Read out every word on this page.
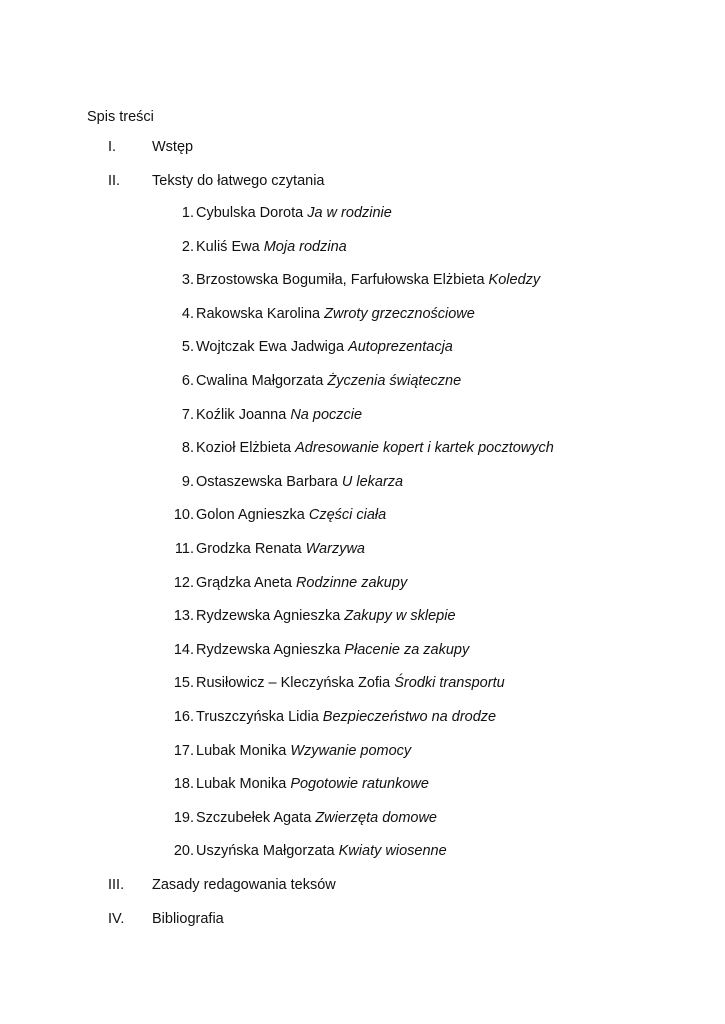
Spis treści
I.	Wstęp
II.	Teksty do łatwego czytania
1. Cybulska Dorota Ja w rodzinie
2. Kuliś Ewa Moja rodzina
3. Brzostowska Bogumiła, Farfułowska Elżbieta Koledzy
4. Rakowska Karolina Zwroty grzecznościowe
5. Wojtczak Ewa Jadwiga Autoprezentacja
6. Cwalina Małgorzata Życzenia świąteczne
7. Koźlik Joanna Na poczcie
8. Kozioł Elżbieta Adresowanie kopert i kartek pocztowych
9. Ostaszewska Barbara U lekarza
10. Golon Agnieszka Części ciała
11. Grodzka Renata Warzywa
12. Grądzka Aneta Rodzinne zakupy
13. Rydzewska Agnieszka Zakupy w sklepie
14. Rydzewska Agnieszka Płacenie za zakupy
15. Rusiłowicz – Kleczyńska Zofia Środki transportu
16. Truszczyńska Lidia Bezpieczeństwo na drodze
17. Lubak Monika Wzywanie pomocy
18. Lubak Monika Pogotowie ratunkowe
19. Szczubełek Agata Zwierzęta domowe
20. Uszyńska Małgorzata Kwiaty wiosenne
III.	Zasady redagowania teksów
IV.	Bibliografia
